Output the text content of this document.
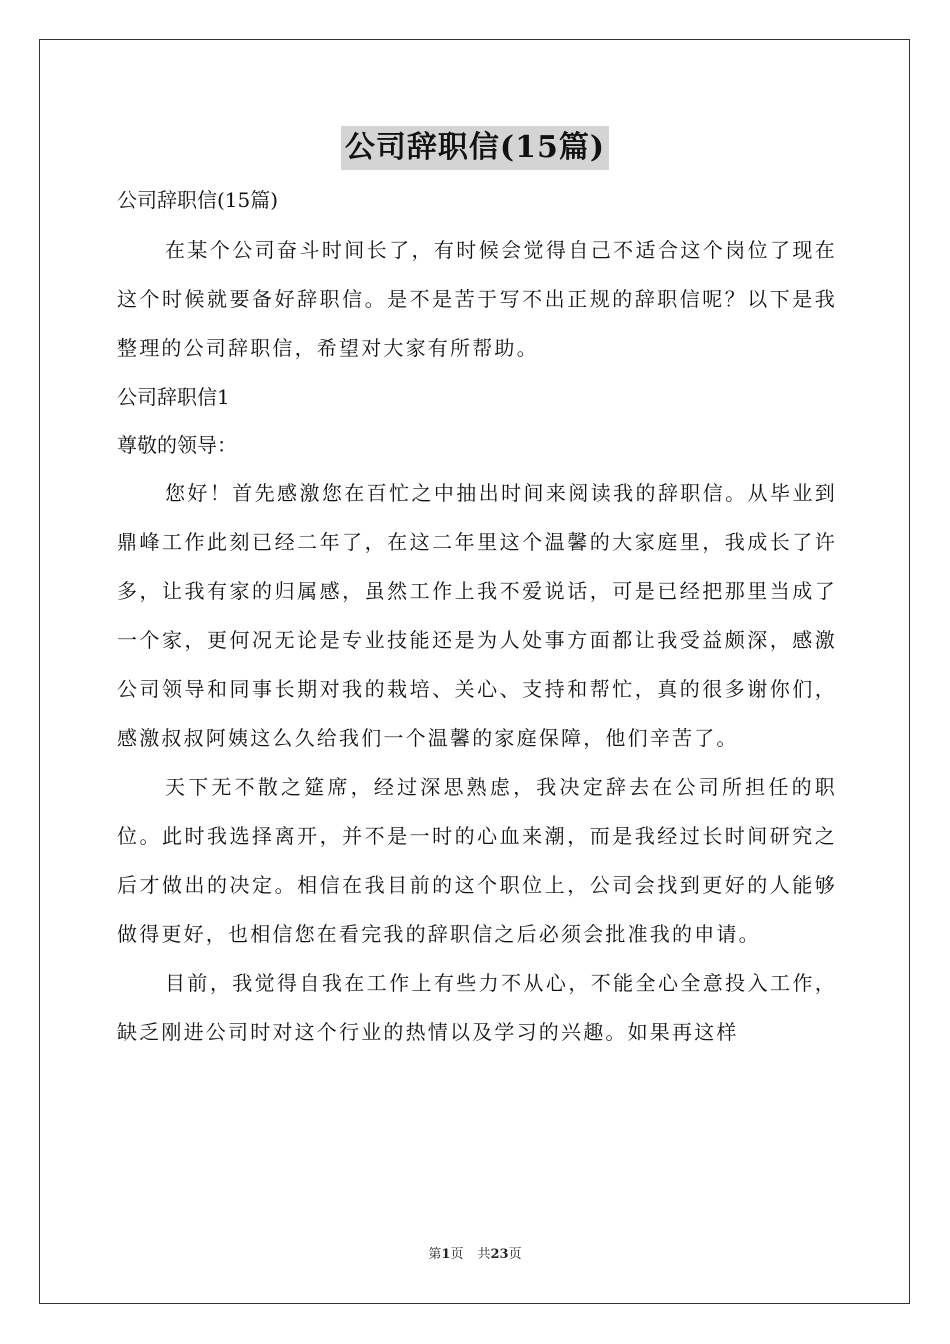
公司辞职信(15篇)

公司辞职信(15篇)

在某个公司奋斗时间长了，有时候会觉得自己不适合这个岗位了现在这个时候就要备好辞职信。是不是苦于写不出正规的辞职信呢？以下是我整理的公司辞职信，希望对大家有所帮助。

公司辞职信1

尊敬的领导：

您好！首先感激您在百忙之中抽出时间来阅读我的辞职信。从毕业到鼎峰工作此刻已经二年了，在这二年里这个温馨的大家庭里，我成长了许多，让我有家的归属感，虽然工作上我不爱说话，可是已经把那里当成了一个家，更何况无论是专业技能还是为人处事方面都让我受益颇深，感激公司领导和同事长期对我的栽培、关心、支持和帮忙，真的很多谢你们，感激叔叔阿姨这么久给我们一个温馨的家庭保障，他们辛苦了。

天下无不散之筵席，经过深思熟虑，我决定辞去在公司所担任的职位。此时我选择离开，并不是一时的心血来潮，而是我经过长时间研究之后才做出的决定。相信在我目前的这个职位上，公司会找到更好的人能够做得更好，也相信您在看完我的辞职信之后必须会批准我的申请。

目前，我觉得自我在工作上有些力不从心，不能全心全意投入工作，缺乏刚进公司时对这个行业的热情以及学习的兴趣。如果再这样

第1页 共23页
